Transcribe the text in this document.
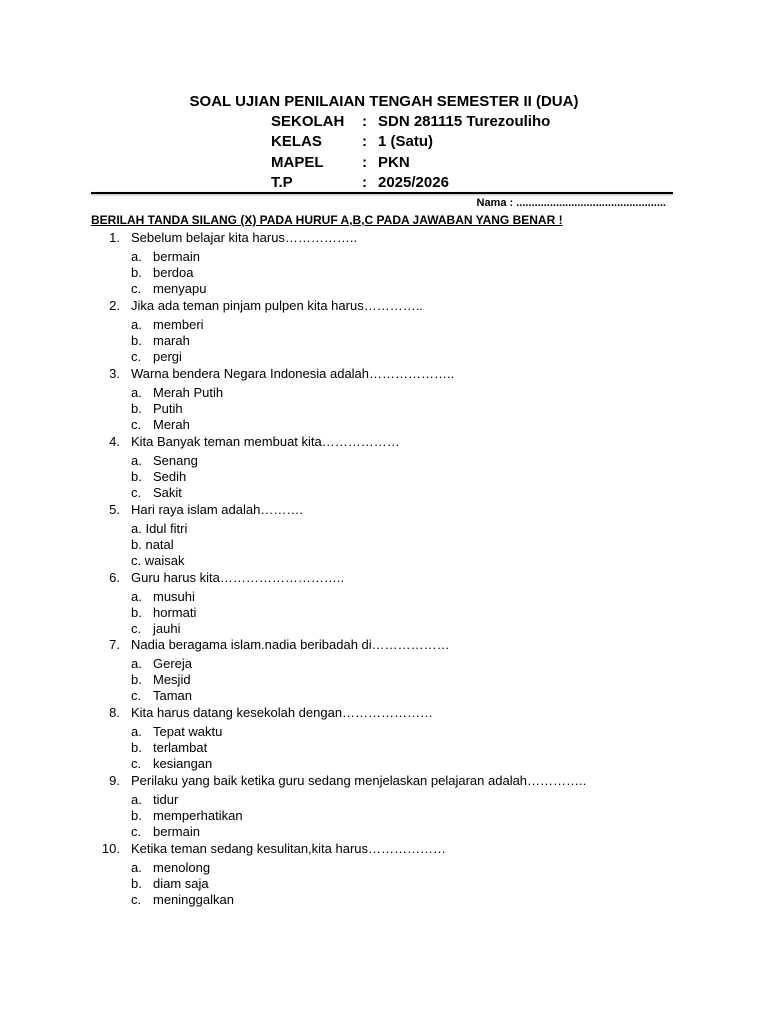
SOAL UJIAN PENILAIAN TENGAH SEMESTER II (DUA)
SEKOLAH : SDN 281115 Turezouliho
KELAS	: 1 (Satu)
MAPEL	: PKN
T.P	: 2025/2026
Nama : .................................................
BERILAH TANDA SILANG (X) PADA HURUF A,B,C PADA JAWABAN YANG BENAR !
1. Sebelum belajar kita harus……………..
a. bermain
b. berdoa
c. menyapu
2. Jika ada teman pinjam pulpen kita harus…………..
a. memberi
b. marah
c. pergi
3. Warna bendera Negara Indonesia adalah………………..
a. Merah Putih
b. Putih
c. Merah
4. Kita Banyak teman membuat kita………………
a. Senang
b. Sedih
c. Sakit
5. Hari raya islam adalah……….
a. Idul fitri
b. natal
c. waisak
6. Guru harus kita………………………..
a. musuhi
b. hormati
c. jauhi
7. Nadia beragama islam.nadia beribadah di………………
a. Gereja
b. Mesjid
c. Taman
8. Kita harus datang kesekolah dengan…………………
a. Tepat waktu
b. terlambat
c. kesiangan
9. Perilaku yang baik ketika guru sedang menjelaskan pelajaran adalah…………..
a. tidur
b. memperhatikan
c. bermain
10. Ketika teman sedang kesulitan,kita harus………………
a. menolong
b. diam saja
c. meninggalkan
